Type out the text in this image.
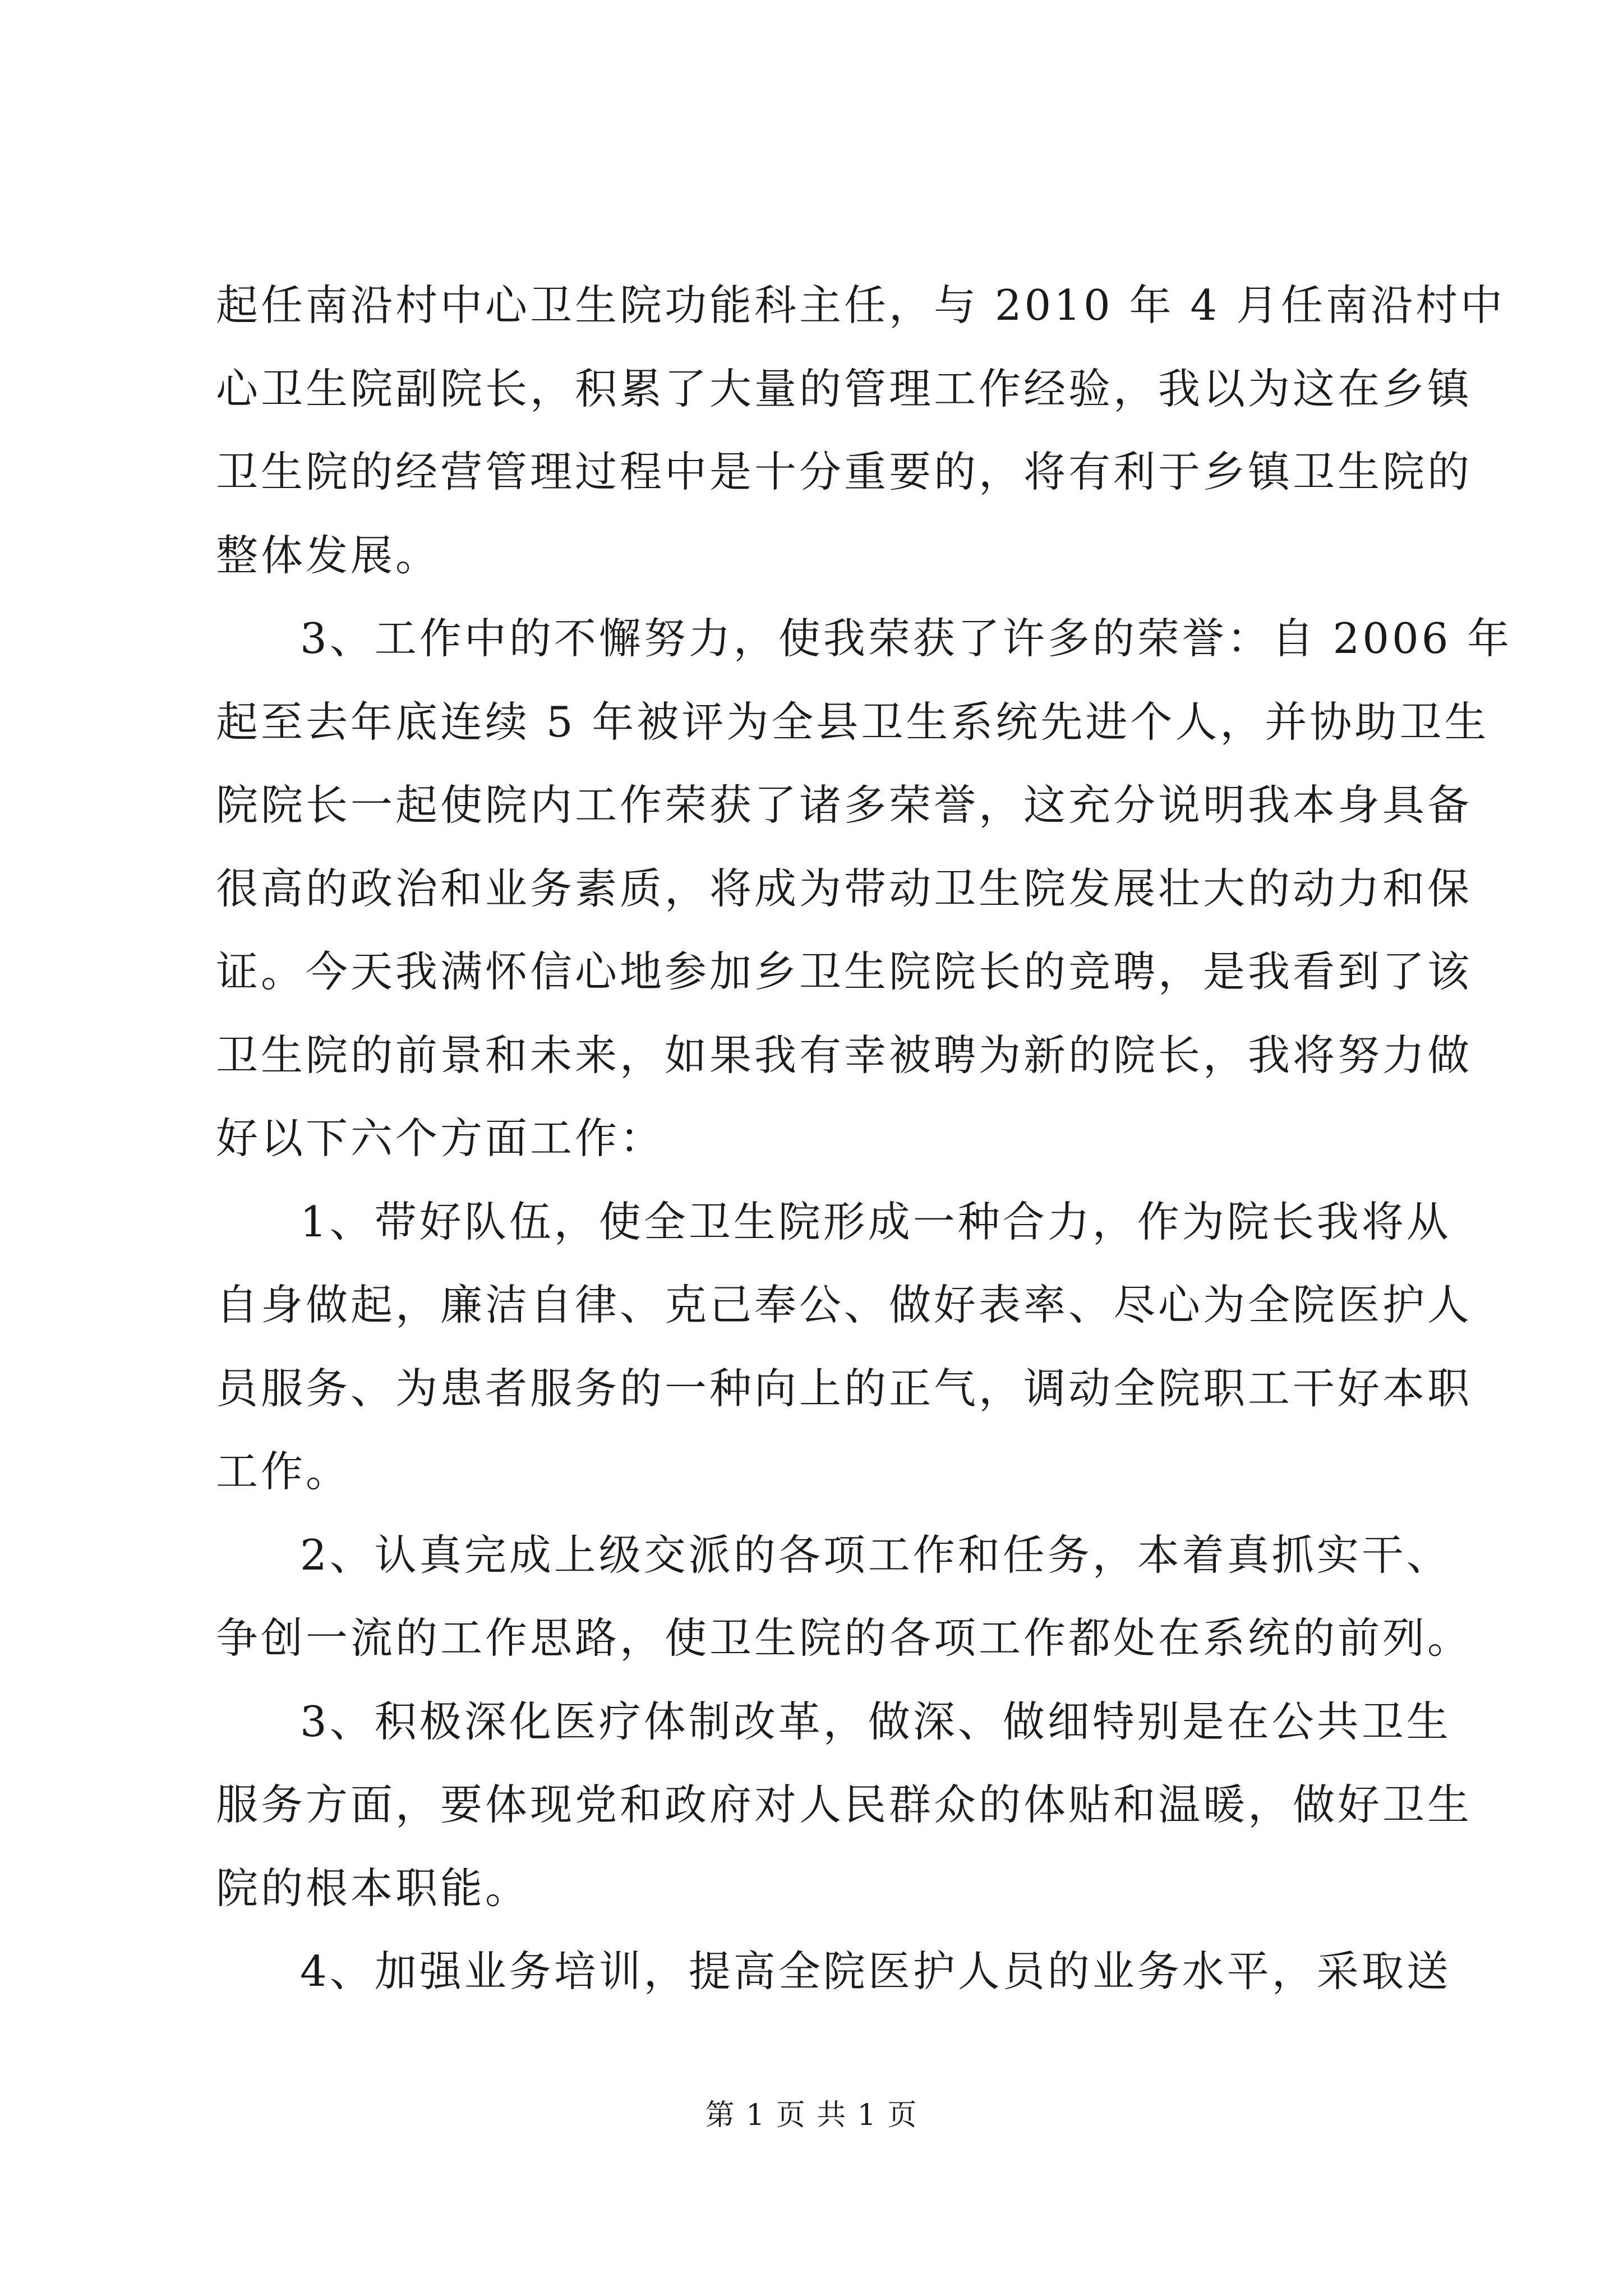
起任南沿村中心卫生院功能科主任，与 2010 年 4 月任南沿村中
心卫生院副院长，积累了大量的管理工作经验，我以为这在乡镇
卫生院的经营管理过程中是十分重要的，将有利于乡镇卫生院的
整体发展。
3、工作中的不懈努力，使我荣获了许多的荣誉：自 2006 年
起至去年底连续 5 年被评为全县卫生系统先进个人，并协助卫生
院院长一起使院内工作荣获了诸多荣誉，这充分说明我本身具备
很高的政治和业务素质，将成为带动卫生院发展壮大的动力和保
证。今天我满怀信心地参加乡卫生院院长的竞聘，是我看到了该
卫生院的前景和未来，如果我有幸被聘为新的院长，我将努力做
好以下六个方面工作：
1、带好队伍，使全卫生院形成一种合力，作为院长我将从
自身做起，廉洁自律、克己奉公、做好表率、尽心为全院医护人
员服务、为患者服务的一种向上的正气，调动全院职工干好本职
工作。
2、认真完成上级交派的各项工作和任务，本着真抓实干、
争创一流的工作思路，使卫生院的各项工作都处在系统的前列。
3、积极深化医疗体制改革，做深、做细特别是在公共卫生
服务方面，要体现党和政府对人民群众的体贴和温暖，做好卫生
院的根本职能。
4、加强业务培训，提高全院医护人员的业务水平，采取送
第 1 页 共 1 页
